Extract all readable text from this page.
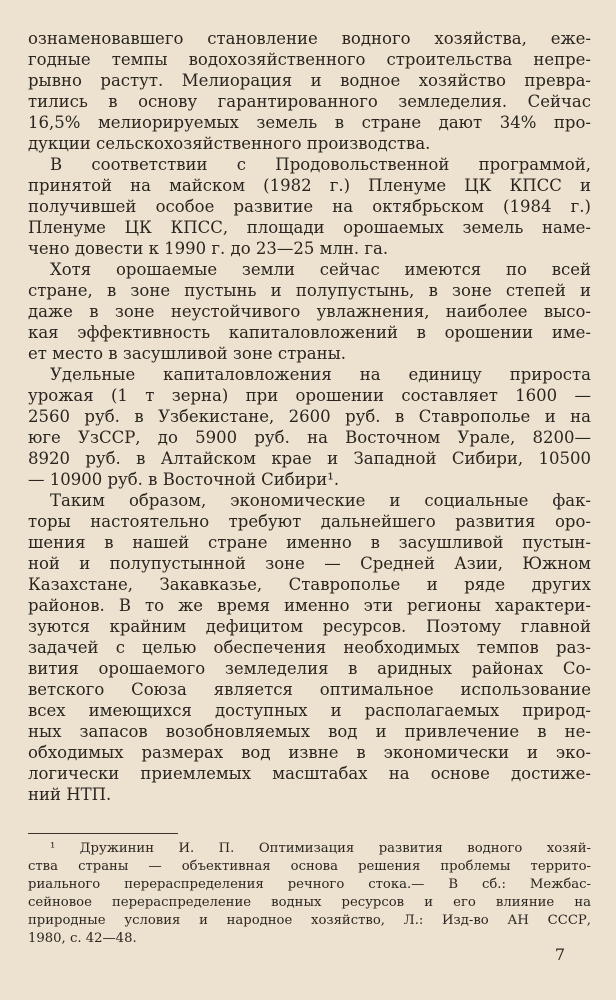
ознаменовавшего становление водного хозяйства, еже-
годные темпы водохозяйственного строительства непре-
рывно растут. Мелиорация и водное хозяйство превра-
тились в основу гарантированного земледелия. Сейчас
16,5% мелиорируемых земель в стране дают 34% про-
дукции сельскохозяйственного производства.
В соответствии с Продовольственной программой,
принятой на майском (1982 г.) Пленуме ЦК КПСС и
получившей особое развитие на октябрьском (1984 г.)
Пленуме ЦК КПСС, площади орошаемых земель наме-
чено довести к 1990 г. до 23—25 млн. га.
Хотя орошаемые земли сейчас имеются по всей
стране, в зоне пустынь и полупустынь, в зоне степей и
даже в зоне неустойчивого увлажнения, наиболее высо-
кая эффективность капиталовложений в орошении име-
ет место в засушливой зоне страны.
Удельные капиталовложения на единицу прироста
урожая (1 т зерна) при орошении составляет 1600 —
2560 руб. в Узбекистане, 2600 руб. в Ставрополье и на
юге УзССР, до 5900 руб. на Восточном Урале, 8200—
8920 руб. в Алтайском крае и Западной Сибири, 10500
— 10900 руб. в Восточной Сибири¹.
Таким образом, экономические и социальные фак-
торы настоятельно требуют дальнейшего развития оро-
шения в нашей стране именно в засушливой пустын-
ной и полупустынной зоне — Средней Азии, Южном
Казахстане, Закавказье, Ставрополье и ряде других
районов. В то же время именно эти регионы характери-
зуются крайним дефицитом ресурсов. Поэтому главной
задачей с целью обеспечения необходимых темпов раз-
вития орошаемого земледелия в аридных районах Со-
ветского Союза является оптимальное использование
всех имеющихся доступных и располагаемых природ-
ных запасов возобновляемых вод и привлечение в не-
обходимых размерах вод извне в экономически и эко-
логически приемлемых масштабах на основе достиже-
ний НТП.
¹ Дружинин И. П. Оптимизация развития водного хозяй-
ства страны — объективная основа решения проблемы террито-
риального перераспределения речного стока.— В сб.: Межбас-
сейновое перераспределение водных ресурсов и его влияние на
природные условия и народное хозяйство, Л.: Изд-во АН СССР,
1980, с. 42—48.
7
